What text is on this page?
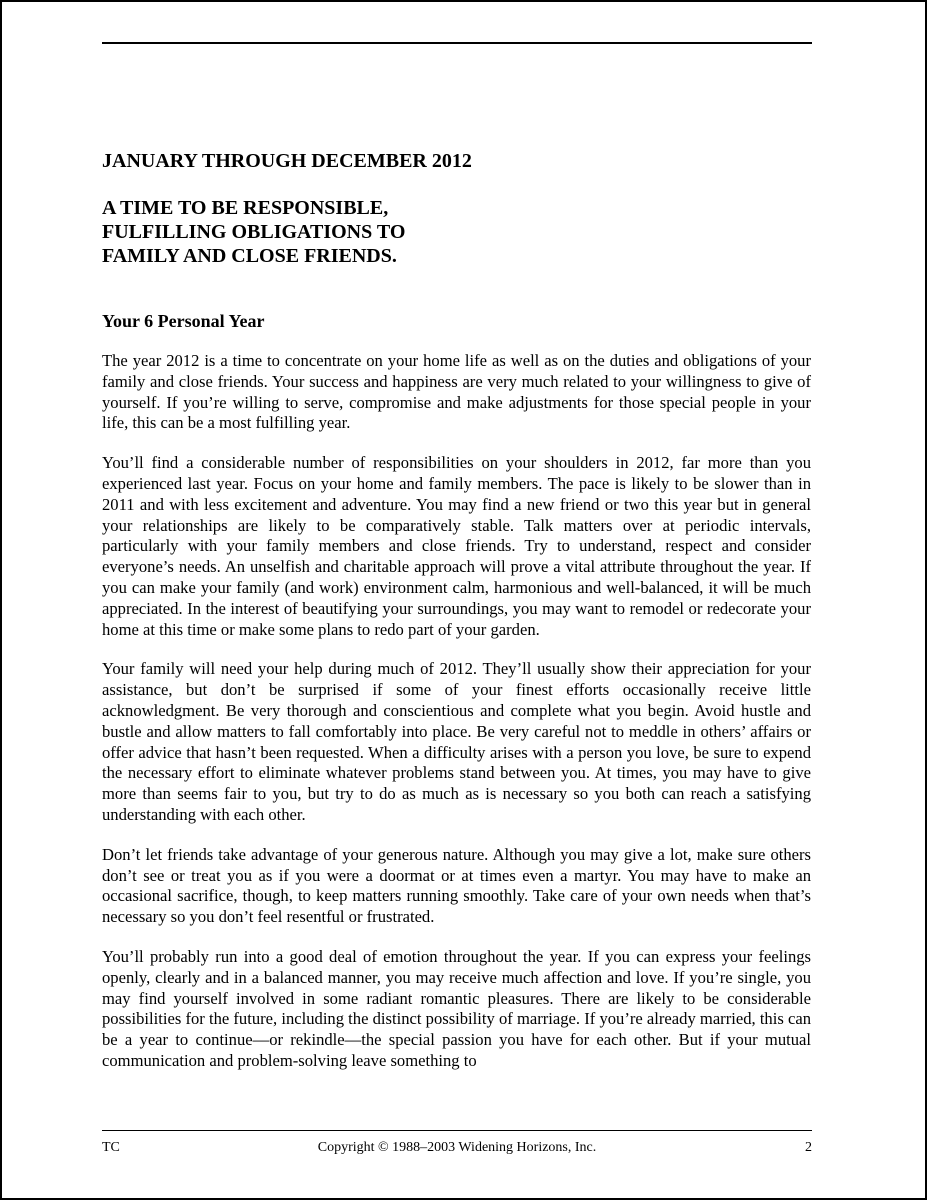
JANUARY THROUGH DECEMBER 2012
A TIME TO BE RESPONSIBLE,
FULFILLING OBLIGATIONS TO
FAMILY AND CLOSE FRIENDS.
Your 6 Personal Year

The year 2012 is a time to concentrate on your home life as well as on the duties and obligations of your family and close friends. Your success and happiness are very much related to your willingness to give of yourself. If you’re willing to serve, compromise and make adjustments for those special people in your life, this can be a most fulfilling year.

You’ll find a considerable number of responsibilities on your shoulders in 2012, far more than you experienced last year. Focus on your home and family members. The pace is likely to be slower than in 2011 and with less excitement and adventure. You may find a new friend or two this year but in general your relationships are likely to be comparatively stable. Talk matters over at periodic intervals, particularly with your family members and close friends. Try to understand, respect and consider everyone’s needs. An unselfish and charitable approach will prove a vital attribute throughout the year. If you can make your family (and work) environment calm, harmonious and well-balanced, it will be much appreciated. In the interest of beautifying your surroundings, you may want to remodel or redecorate your home at this time or make some plans to redo part of your garden.

Your family will need your help during much of 2012. They’ll usually show their appreciation for your assistance, but don’t be surprised if some of your finest efforts occasionally receive little acknowledgment. Be very thorough and conscientious and complete what you begin. Avoid hustle and bustle and allow matters to fall comfortably into place. Be very careful not to meddle in others’ affairs or offer advice that hasn’t been requested. When a difficulty arises with a person you love, be sure to expend the necessary effort to eliminate whatever problems stand between you. At times, you may have to give more than seems fair to you, but try to do as much as is necessary so you both can reach a satisfying understanding with each other.

Don’t let friends take advantage of your generous nature. Although you may give a lot, make sure others don’t see or treat you as if you were a doormat or at times even a martyr. You may have to make an occasional sacrifice, though, to keep matters running smoothly. Take care of your own needs when that’s necessary so you don’t feel resentful or frustrated.

You’ll probably run into a good deal of emotion throughout the year. If you can express your feelings openly, clearly and in a balanced manner, you may receive much affection and love. If you’re single, you may find yourself involved in some radiant romantic pleasures. There are likely to be considerable possibilities for the future, including the distinct possibility of marriage. If you’re already married, this can be a year to continue—or rekindle—the special passion you have for each other. But if your mutual communication and problem-solving leave something to

TC	Copyright © 1988–2003 Widening Horizons, Inc.	2
